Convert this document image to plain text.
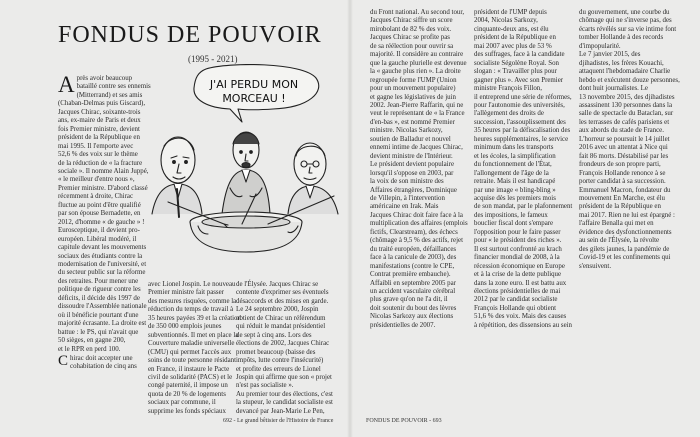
FONDUS DE POUVOIR
(1995 - 2021)
J'AI PERDU MON
MORCEAU !
A près avoir beaucoup

bataillé contre ses ennemis

(Mitterrand) et ses amis

(Chaban-Delmas puis Giscard),

Jacques Chirac, soixante-trois

ans, ex-maire de Paris et deux

fois Premier ministre, devient

président de la République en

mai 1995. Il l'emporte avec

52,6 % des voix sur le thème

de la réduction de « la fracture

sociale ». Il nomme Alain Juppé,

« le meilleur d'entre nous »,

Premier ministre. D'abord classé

récemment à droite, Chirac

fluctue au point d'être qualifié

par son épouse Bernadette, en

2012, d'homme « de gauche » !

Eurosceptique, il devient pro-

européen. Libéral modéré, il

capitule devant les mouvements

sociaux des étudiants contre la

modernisation de l'université, et

du secteur public sur la réforme

des retraites. Pour mener une

politique de rigueur contre les

déficits, il décide dès 1997 de

dissoudre l'Assemblée nationale

où il bénéficie pourtant d'une

majorité écrasante. La droite est

battue : le PS, qui n'avait que

50 sièges, en gagne 200,

et le RPR en perd 100.

C hirac doit accepter une

cohabitation de cinq ans

avec Lionel Jospin. Le nouveau

Premier ministre fait passer

des mesures risquées, comme la

réduction du temps de travail à

35 heures payées 39 et la création

de 350 000 emplois jeunes

subventionnés. Il met en place la

Couverture maladie universelle

(CMU) qui permet l'accès aux

soins de toute personne résidant

en France, il instaure le Pacte

civil de solidarité (PACS) et le

congé paternité, il impose un

quota de 20 % de logements

sociaux par commune, il

supprime les fonds spéciaux

de l'Élysée. Jacques Chirac se

contente d'exprimer ses éventuels

désaccords et des mises en garde.

Le 24 septembre 2000, Jospin

obtient de Chirac un référendum

qui réduit le mandat présidentiel

de sept à cinq ans. Lors des

élections de 2002, Jacques Chirac

promet beaucoup (baisse des

impôts, lutte contre l'insécurité)

et profite des erreurs de Lionel

Jospin qui affirme que son « projet

n'est pas socialiste ».

Au premier tour des élections, c'est

la stupeur, le candidat socialiste est

devancé par Jean-Marie Le Pen,

du Front national. Au second tour,

Jacques Chirac siffre un score

mirobolant de 82 % des voix.

Jacques Chirac se profite pas

de sa réélection pour ouvrir sa

majorité. Il considère au contraire

que la gauche plurielle est devenue

la « gauche plus rien ». La droite

regroupée forme l'UMP (Union

pour un mouvement populaire)

et gagne les législatives de juin

2002. Jean-Pierre Raffarin, qui ne

veut le représentant de « la France

d'en-bas », est nommé Premier

ministre. Nicolas Sarkozy,

soutien de Balladur et nouvel

ennemi intime de Jacques Chirac,

devient ministre de l'Intérieur.

Le président devient populaire

lorsqu'il s'oppose en 2003, par

la voix de son ministre des

Affaires étrangères, Dominique

de Villepin, à l'intervention

américaine en Irak. Mais

Jacques Chirac doit faire face à la

multiplication des affaires (emplois

fictifs, Clearstream), des échecs

(chômage à 9,5 % des actifs, rejet

du traité européen, défaillances

face à la canicule de 2003), des

manifestations (contre le CPE,

Contrat première embauche).

Affaibli en septembre 2005 par

un accident vasculaire cérébral

plus grave qu'on ne l'a dit, il

doit soutenir du bout des lèvres

Nicolas Sarkozy aux élections

présidentielles de 2007.

président de l'UMP depuis

2004, Nicolas Sarkozy,

cinquante-deux ans, est élu

président de la République en

mai 2007 avec plus de 53 %

des suffrages, face à la candidate

socialiste Ségolène Royal. Son

slogan : « Travailler plus pour

gagner plus ». Avec son Premier

ministre François Fillon,

il entreprend une série de réformes,

pour l'autonomie des universités,

l'allègement des droits de

succession, l'assouplissement des

35 heures par la défiscalisation des

heures supplémentaires, le service

minimum dans les transports

et les écoles, la simplification

du fonctionnement de l'État,

l'allongement de l'âge de la

retraite. Mais il est handicapé

par une image « bling-bling »

acquise dès les premiers mois

de son mandat, par le plafonnement

des impositions, le fameux

bouclier fiscal dont s'empare

l'opposition pour le faire passer

pour « le président des riches ».

Il est surtout confronté au krach

financier mondial de 2008, à la

récession économique en Europe

et à la crise de la dette publique

dans la zone euro. Il est battu aux

élections présidentielles de mai

2012 par le candidat socialiste

François Hollande qui obtient

51,6 % des voix. Mais des causes

à répétition, des dissensions au sein

du gouvernement, une courbe du

chômage qui ne s'inverse pas, des

écarts révélés sur sa vie intime font

tomber Hollande à des records

d'impopularité.

Le 7 janvier 2015, des

djihadistes, les frères Kouachi,

attaquent l'hebdomadaire Charlie

hebdo et exécutent douze personnes,

dont huit journalistes. Le

13 novembre 2015, des djihadistes

assassinent 130 personnes dans la

salle de spectacle du Bataclan, sur

les terrasses de cafés parisiens et

aux abords du stade de France.

L'horreur se poursuit le 14 juillet

2016 avec un attentat à Nice qui

fait 86 morts. Déstabilisé par les

frondeurs de son propre parti,

François Hollande renonce à se

porter candidat à sa succession.

Emmanuel Macron, fondateur du

mouvement En Marche, est élu

président de la République en

mai 2017. Rien ne lui est épargné :

l'affaire Benalla qui met en

évidence des dysfonctionnements

au sein de l'Élysée, la révolte

des gilets jaunes, la pandémie de

Covid-19 et les confinements qui

s'ensuivent.

692 - Le grand bêtisier de l'Histoire de France	FONDUS DE POUVOIR - 693
